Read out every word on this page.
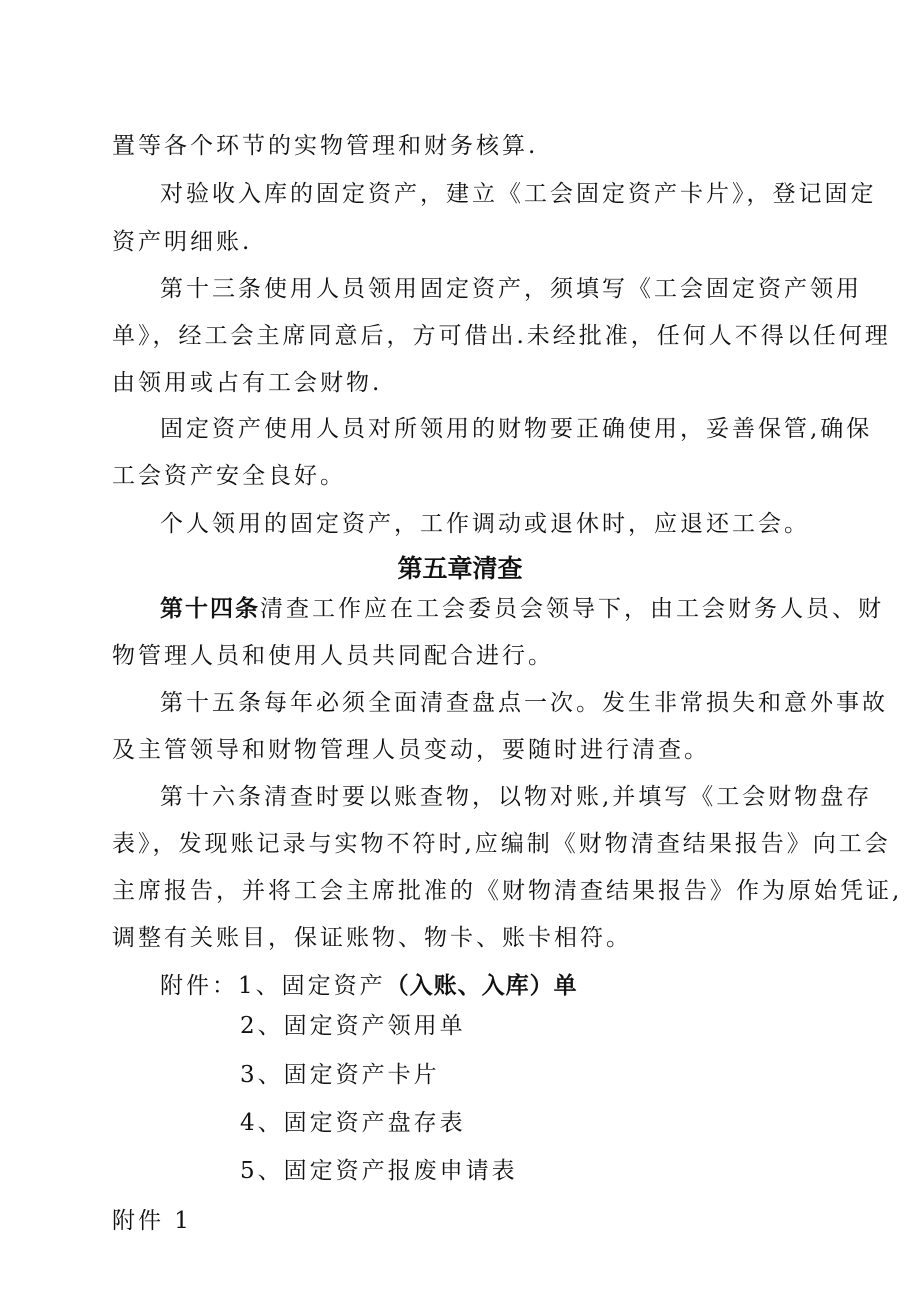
置等各个环节的实物管理和财务核算.
对验收入库的固定资产，建立《工会固定资产卡片》，登记固定
资产明细账.
第十三条使用人员领用固定资产，须填写《工会固定资产领用
单》，经工会主席同意后，方可借出.未经批准，任何人不得以任何理
由领用或占有工会财物.
固定资产使用人员对所领用的财物要正确使用，妥善保管,确保
工会资产安全良好。
个人领用的固定资产，工作调动或退休时，应退还工会。
第五章清查
第十四条清查工作应在工会委员会领导下，由工会财务人员、财
物管理人员和使用人员共同配合进行。
第十五条每年必须全面清查盘点一次。发生非常损失和意外事故
及主管领导和财物管理人员变动，要随时进行清查。
第十六条清查时要以账查物，以物对账,并填写《工会财物盘存
表》，发现账记录与实物不符时,应编制《财物清查结果报告》向工会
主席报告，并将工会主席批准的《财物清查结果报告》作为原始凭证,
调整有关账目，保证账物、物卡、账卡相符。
附件：1、固定资产（入账、入库）单
2、固定资产领用单
3、固定资产卡片
4、固定资产盘存表
5、固定资产报废申请表
附件 1
